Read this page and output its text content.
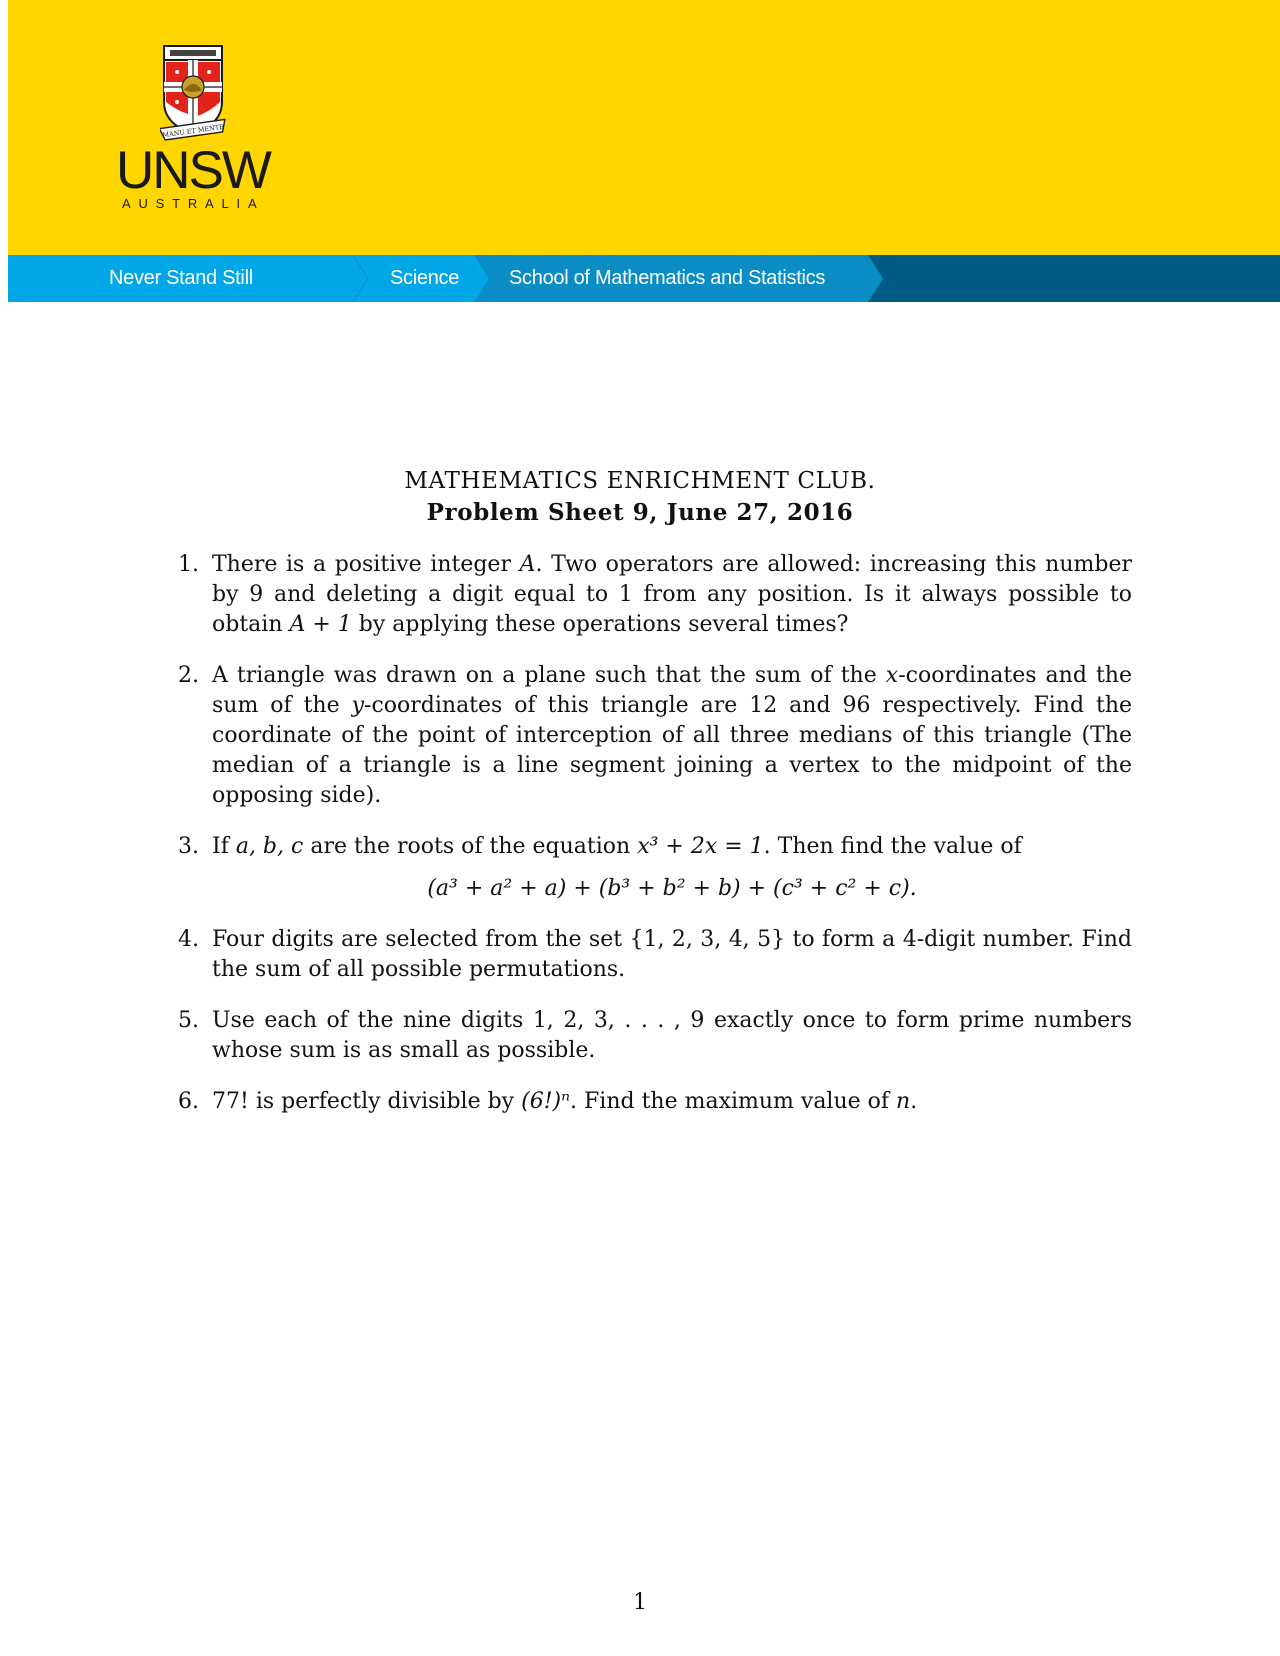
MANU ET MENTE
UNSW
AUSTRALIA
Never Stand Still	Science School of Mathematics and Statistics
MATHEMATICS ENRICHMENT CLUB.
Problem Sheet 9, June 27, 2016
1. There is a positive integer A. Two operators are allowed: increasing this number by 9 and deleting a digit equal to 1 from any position. Is it always possible to obtain A + 1 by applying these operations several times?
2. A triangle was drawn on a plane such that the sum of the x-coordinates and the sum of the y-coordinates of this triangle are 12 and 96 respectively. Find the coordinate of the point of interception of all three medians of this triangle (The median of a triangle is a line segment joining a vertex to the midpoint of the opposing side).
3. If a, b, c are the roots of the equation x³ + 2x = 1. Then find the value of
(a³ + a² + a) + (b³ + b² + b) + (c³ + c² + c).
4. Four digits are selected from the set {1, 2, 3, 4, 5} to form a 4-digit number. Find the sum of all possible permutations.
5. Use each of the nine digits 1, 2, 3, . . . , 9 exactly once to form prime numbers whose sum is as small as possible.
6. 77! is perfectly divisible by (6!)ⁿ. Find the maximum value of n.
1
